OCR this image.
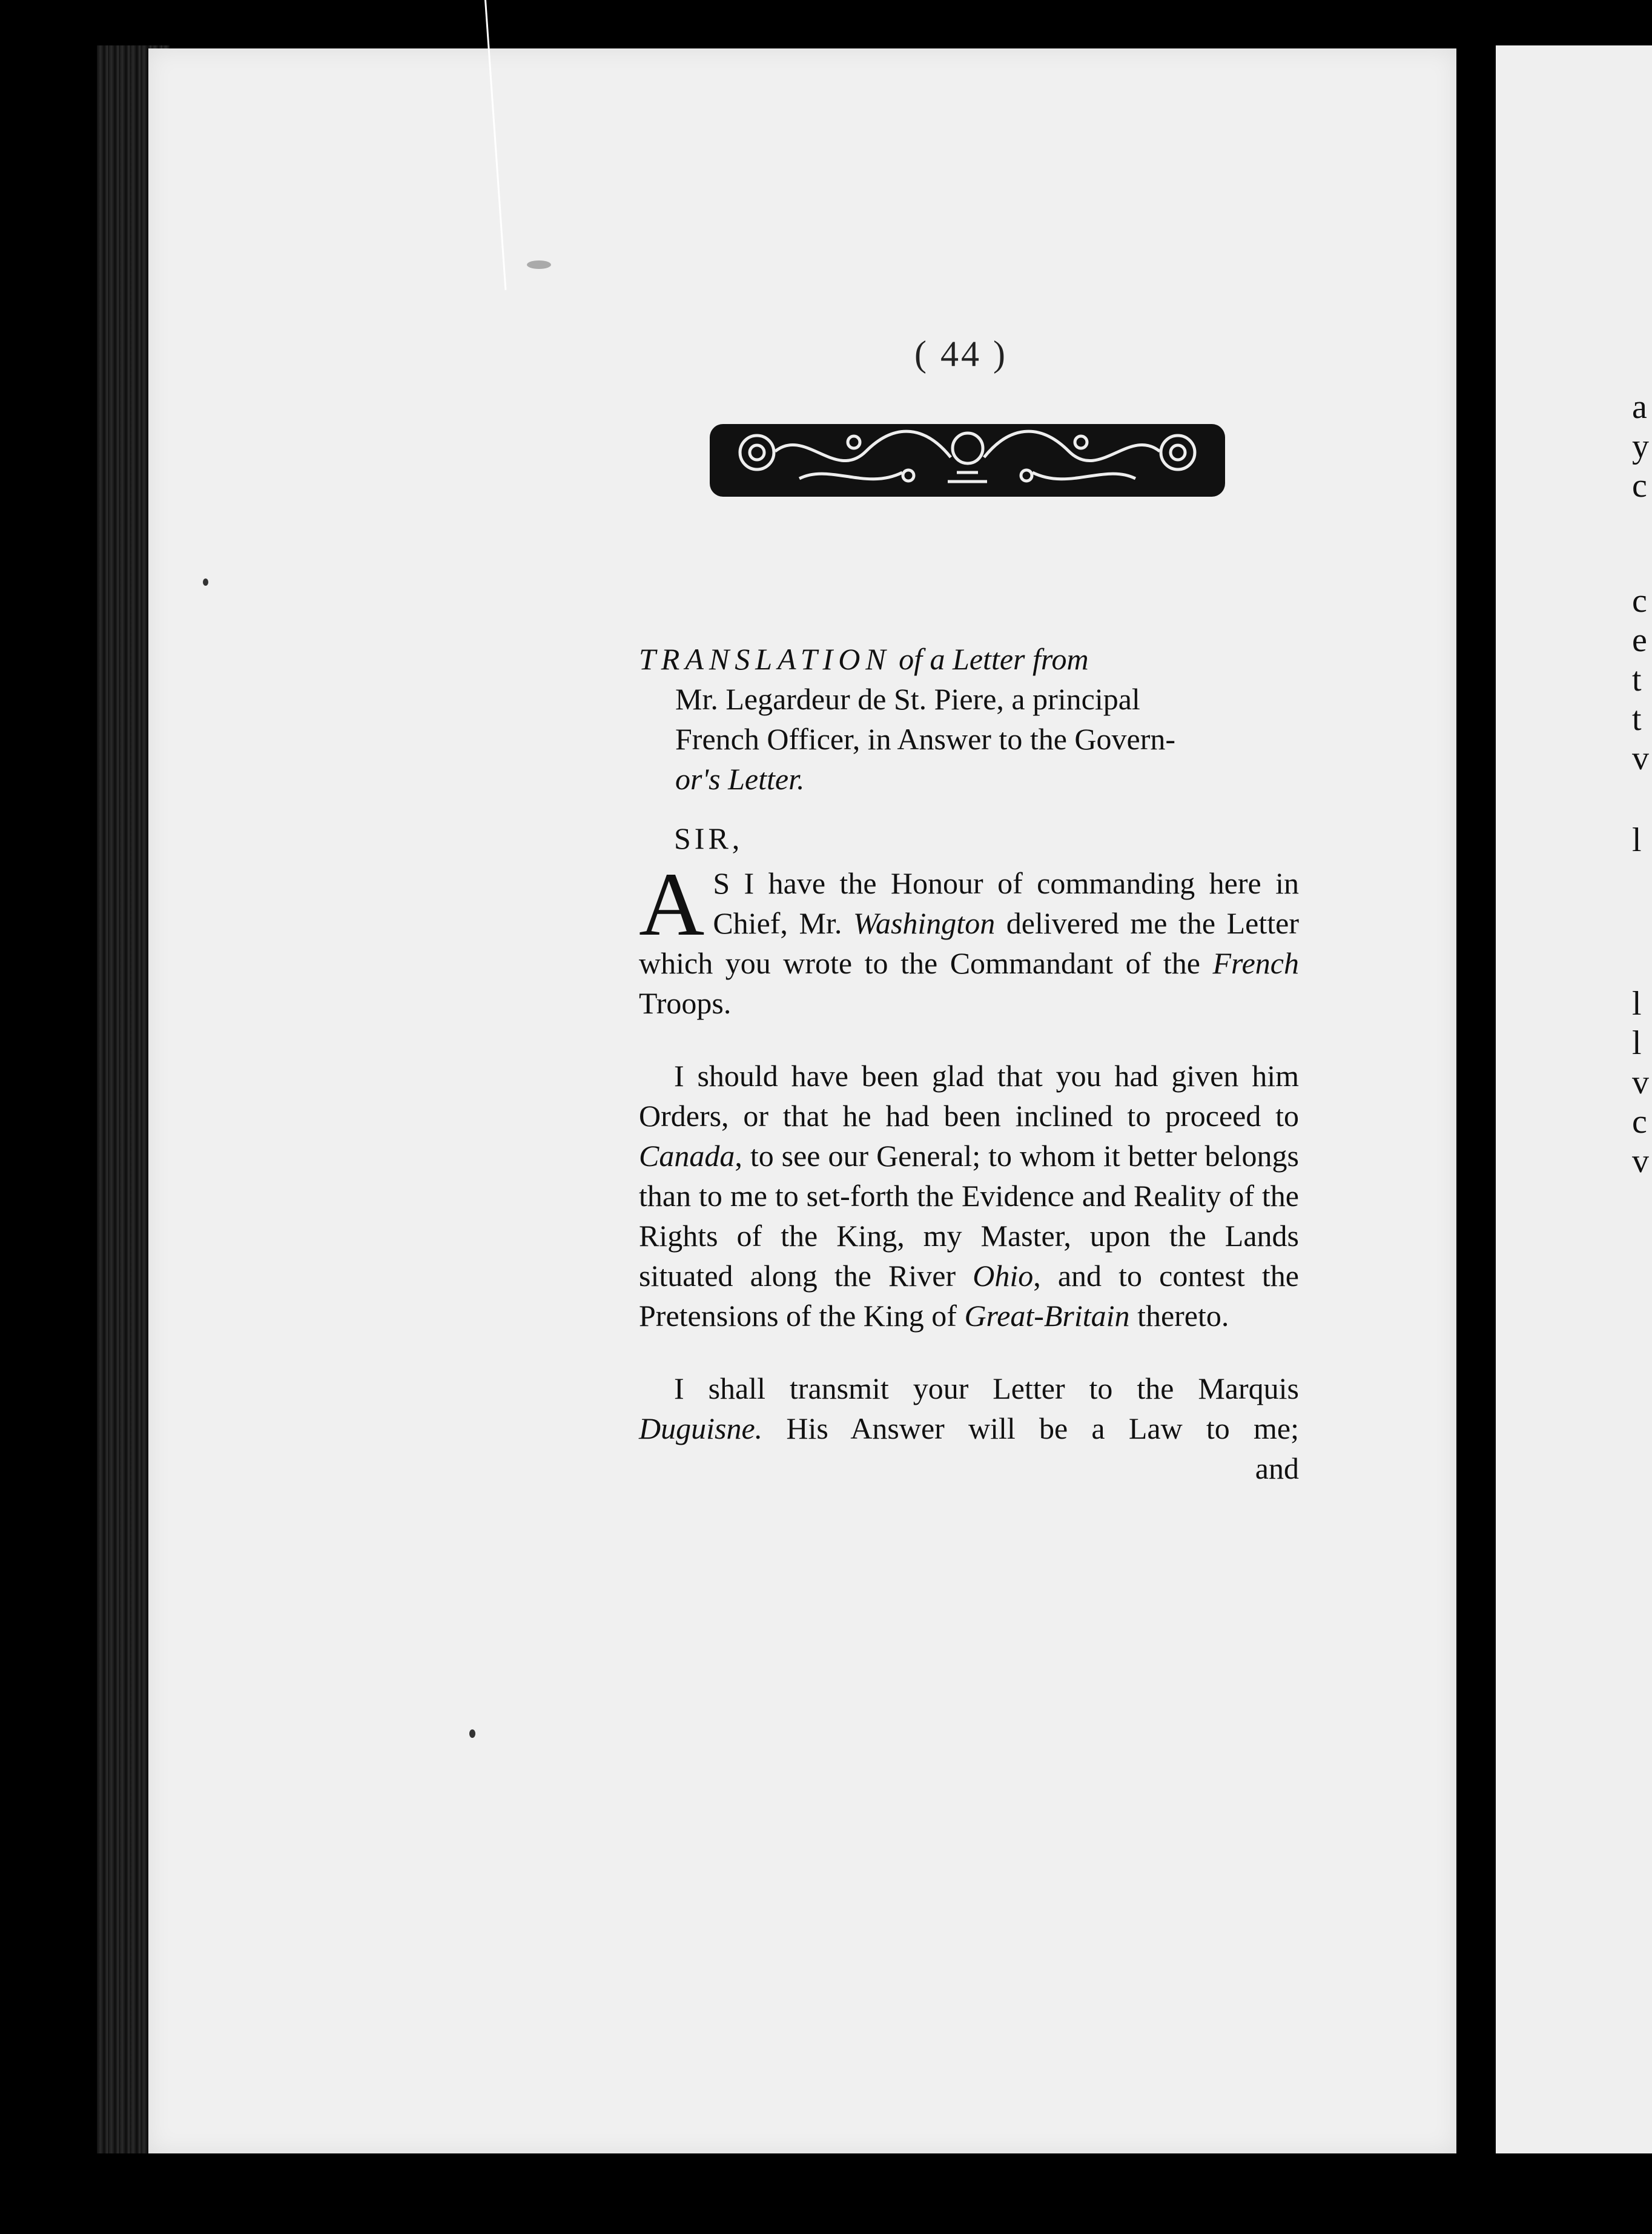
a
y
c
c
e
t
t
v
l
l
l
v
c
v
( 44 )
TRANSLATION of a Letter from
Mr. Legardeur de St. Piere, a principal
French Officer, in Answer to the Govern-
or's Letter.
SIR,

A S I have the Honour of commanding here in Chief, Mr. Washington delivered me the Letter which you wrote to the Commandant of the French Troops.

I should have been glad that you had given him Orders, or that he had been inclined to proceed to Canada, to see our General; to whom it better belongs than to me to set-forth the Evidence and Reality of the Rights of the King, my Master, upon the Lands situated along the River Ohio, and to contest the Pretensions of the King of Great-Britain thereto.

I shall transmit your Letter to the Marquis Duguisne. His Answer will be a Law to me;

and
